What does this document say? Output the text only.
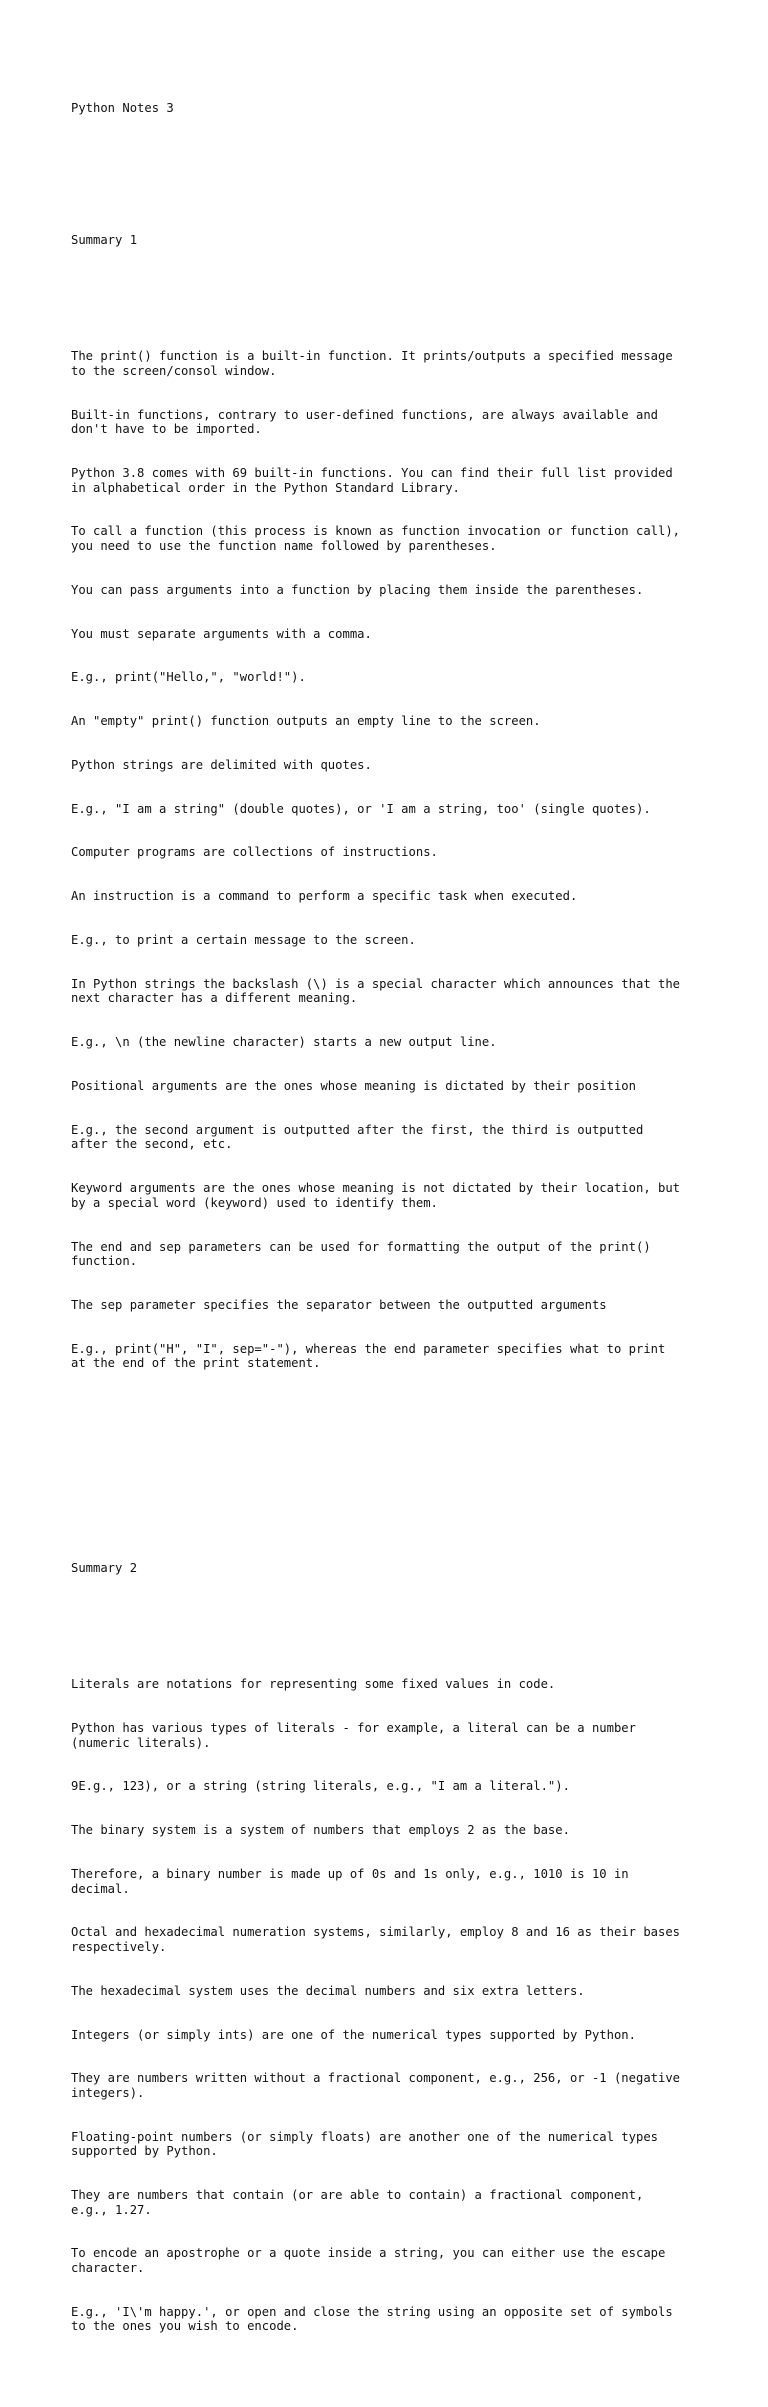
Python Notes 3

Summary 1

The print() function is a built-in function. It prints/outputs a specified message
to the screen/consol window.

Built-in functions, contrary to user-defined functions, are always available and
don't have to be imported.

Python 3.8 comes with 69 built-in functions. You can find their full list provided
in alphabetical order in the Python Standard Library.

To call a function (this process is known as function invocation or function call),
you need to use the function name followed by parentheses.

You can pass arguments into a function by placing them inside the parentheses.

You must separate arguments with a comma.

E.g., print("Hello,", "world!").

An "empty" print() function outputs an empty line to the screen.

Python strings are delimited with quotes.

E.g., "I am a string" (double quotes), or 'I am a string, too' (single quotes).

Computer programs are collections of instructions.

An instruction is a command to perform a specific task when executed.

E.g., to print a certain message to the screen.

In Python strings the backslash (\) is a special character which announces that the
next character has a different meaning.

E.g., \n (the newline character) starts a new output line.

Positional arguments are the ones whose meaning is dictated by their position

E.g., the second argument is outputted after the first, the third is outputted
after the second, etc.

Keyword arguments are the ones whose meaning is not dictated by their location, but
by a special word (keyword) used to identify them.

The end and sep parameters can be used for formatting the output of the print()
function.

The sep parameter specifies the separator between the outputted arguments

E.g., print("H", "I", sep="-"), whereas the end parameter specifies what to print
at the end of the print statement.

Summary 2

Literals are notations for representing some fixed values in code.

Python has various types of literals - for example, a literal can be a number
(numeric literals).

9E.g., 123), or a string (string literals, e.g., "I am a literal.").

The binary system is a system of numbers that employs 2 as the base.

Therefore, a binary number is made up of 0s and 1s only, e.g., 1010 is 10 in
decimal.

Octal and hexadecimal numeration systems, similarly, employ 8 and 16 as their bases
respectively.

The hexadecimal system uses the decimal numbers and six extra letters.

Integers (or simply ints) are one of the numerical types supported by Python.

They are numbers written without a fractional component, e.g., 256, or -1 (negative
integers).

Floating-point numbers (or simply floats) are another one of the numerical types
supported by Python.

They are numbers that contain (or are able to contain) a fractional component,
e.g., 1.27.

To encode an apostrophe or a quote inside a string, you can either use the escape
character.

E.g., 'I\'m happy.', or open and close the string using an opposite set of symbols
to the ones you wish to encode.
